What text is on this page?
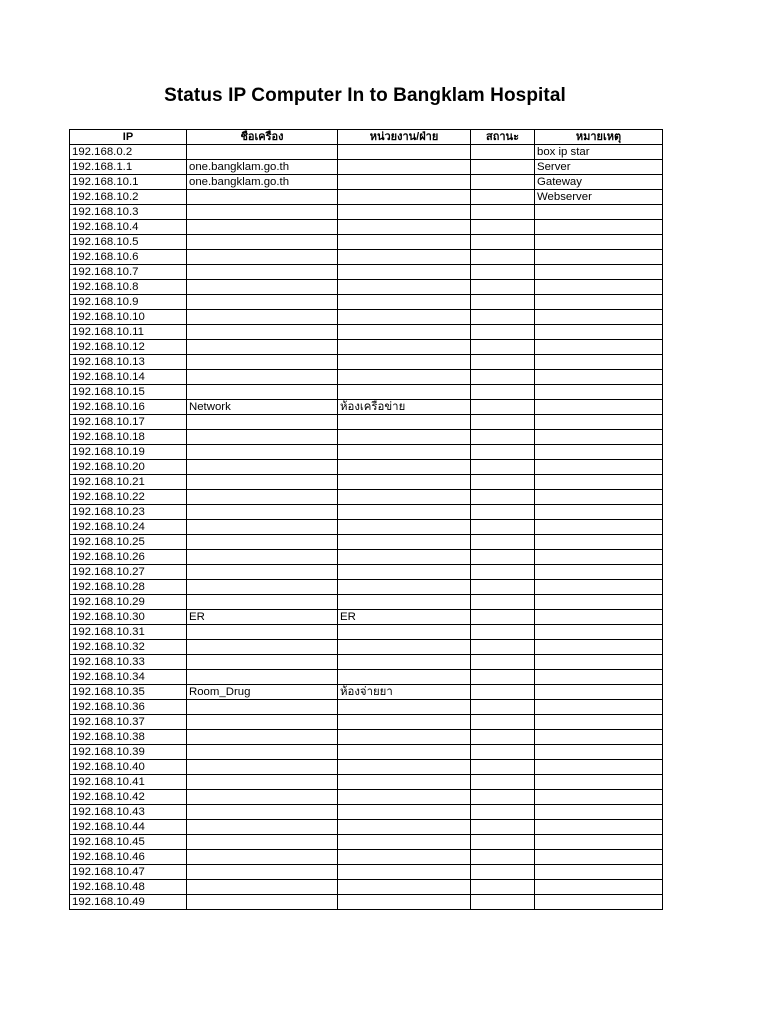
Status IP Computer In to Bangklam Hospital
IP	ชื่อเครื่อง	หน่วยงาน/ฝ่าย	สถานะ	หมายเหตุ
192.168.0.2				box ip star
192.168.1.1	one.bangklam.go.th			Server
192.168.10.1	one.bangklam.go.th			Gateway
192.168.10.2				Webserver
192.168.10.3				
192.168.10.4				
192.168.10.5				
192.168.10.6				
192.168.10.7				
192.168.10.8				
192.168.10.9				
192.168.10.10				
192.168.10.11				
192.168.10.12				
192.168.10.13				
192.168.10.14				
192.168.10.15				
192.168.10.16	Network	ห้องเครือข่าย		
192.168.10.17				
192.168.10.18				
192.168.10.19				
192.168.10.20				
192.168.10.21				
192.168.10.22				
192.168.10.23				
192.168.10.24				
192.168.10.25				
192.168.10.26				
192.168.10.27				
192.168.10.28				
192.168.10.29				
192.168.10.30	ER	ER		
192.168.10.31				
192.168.10.32				
192.168.10.33				
192.168.10.34				
192.168.10.35	Room_Drug	ห้องจ่ายยา		
192.168.10.36				
192.168.10.37				
192.168.10.38				
192.168.10.39				
192.168.10.40				
192.168.10.41				
192.168.10.42				
192.168.10.43				
192.168.10.44				
192.168.10.45				
192.168.10.46				
192.168.10.47				
192.168.10.48				
192.168.10.49				
